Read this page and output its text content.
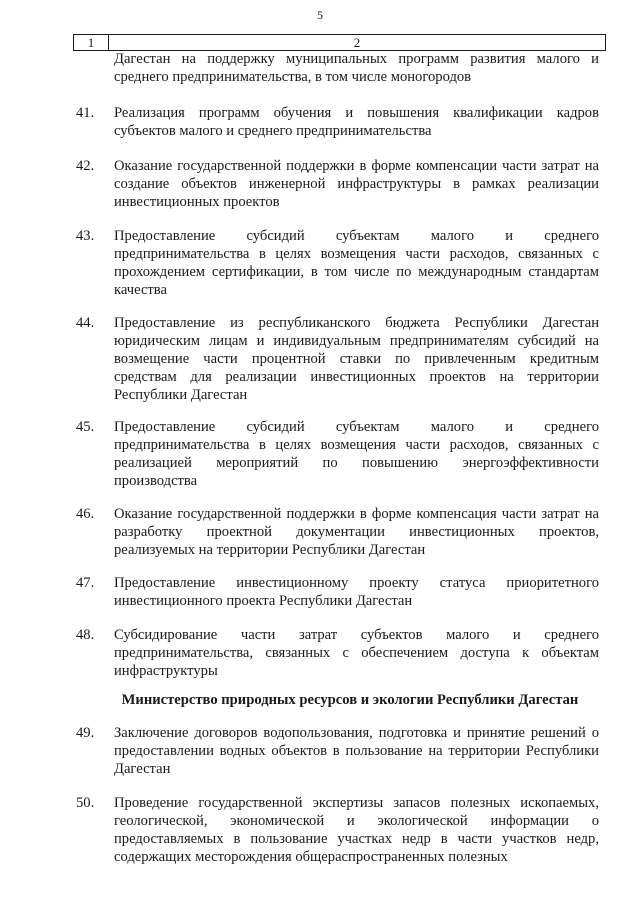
5
1	2
Дагестан на поддержку муниципальных программ развития малого и среднего предпринимательства, в том числе моногородов
41.	Реализация программ обучения и повышения квалификации кадров субъектов малого и среднего предпринимательства
42.	Оказание государственной поддержки в форме компенсации части затрат на создание объектов инженерной инфраструктуры в рамках реализации инвестиционных проектов
43.	Предоставление субсидий субъектам малого и среднего предпринимательства в целях возмещения части расходов, связанных с прохождением сертификации, в том числе по международным стандартам качества
44.	Предоставление из республиканского бюджета Республики Дагестан юридическим лицам и индивидуальным предпринимателям субсидий на возмещение части процентной ставки по привлеченным кредитным средствам для реализации инвестиционных проектов на территории Республики Дагестан
45.	Предоставление субсидий субъектам малого и среднего предпринимательства в целях возмещения части расходов, связанных с реализацией мероприятий по повышению энергоэффективности производства
46.	Оказание государственной поддержки в форме компенсация части затрат на разработку проектной документации инвестиционных проектов, реализуемых на территории Республики Дагестан
47.	Предоставление инвестиционному проекту статуса приоритетного инвестиционного проекта Республики Дагестан
48.	Субсидирование части затрат субъектов малого и среднего предпринимательства, связанных с обеспечением доступа к объектам инфраструктуры
Министерство природных ресурсов и экологии Республики Дагестан
49.	Заключение договоров водопользования, подготовка и принятие решений о предоставлении водных объектов в пользование на территории Республики Дагестан
50.	Проведение государственной экспертизы запасов полезных ископаемых, геологической, экономической и экологической информации о предоставляемых в пользование участках недр в части участков недр, содержащих месторождения общераспространенных полезных
